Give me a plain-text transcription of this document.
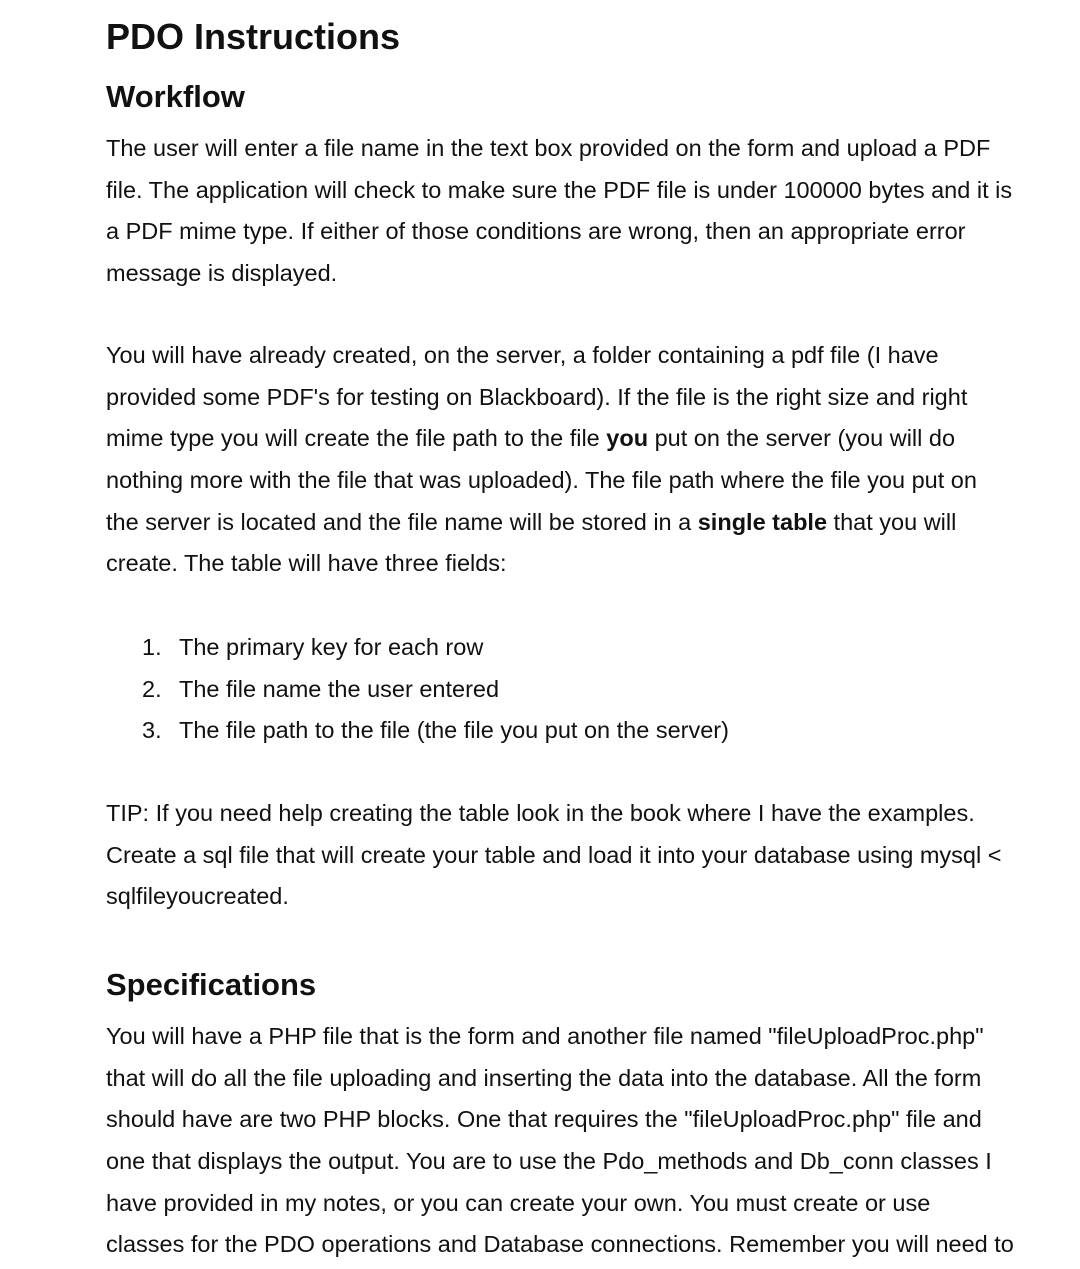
PDO Instructions
Workflow

The user will enter a file name in the text box provided on the form and upload a PDF
file. The application will check to make sure the PDF file is under 100000 bytes and it is
a PDF mime type. If either of those conditions are wrong, then an appropriate error
message is displayed.

You will have already created, on the server, a folder containing a pdf file (I have
provided some PDF's for testing on Blackboard). If the file is the right size and right
mime type you will create the file path to the file you put on the server (you will do
nothing more with the file that was uploaded). The file path where the file you put on
the server is located and the file name will be stored in a single table that you will
create. The table will have three fields:

1. The primary key for each row
2. The file name the user entered
3. The file path to the file (the file you put on the server)

TIP: If you need help creating the table look in the book where I have the examples.
Create a sql file that will create your table and load it into your database using mysql <
sqlfileyoucreated.

Specifications

You will have a PHP file that is the form and another file named "fileUploadProc.php"
that will do all the file uploading and inserting the data into the database. All the form
should have are two PHP blocks. One that requires the "fileUploadProc.php" file and
one that displays the output. You are to use the Pdo_methods and Db_conn classes I
have provided in my notes, or you can create your own. You must create or use
classes for the PDO operations and Database connections. Remember you will need to
